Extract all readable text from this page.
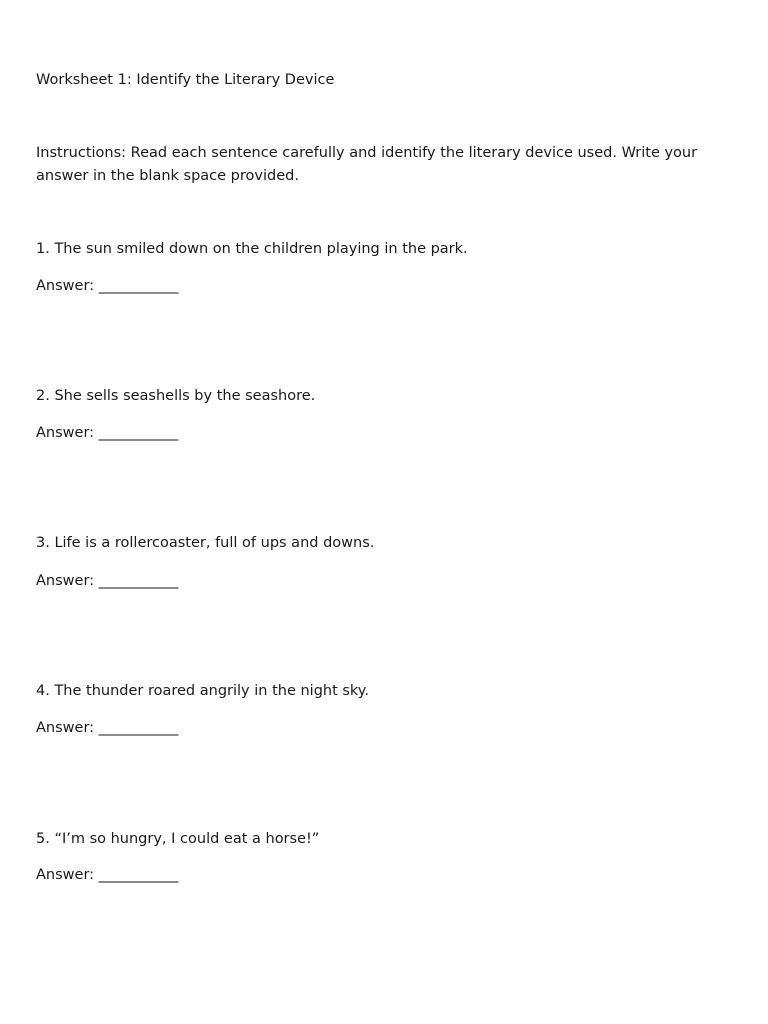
Worksheet 1: Identify the Literary Device
Instructions: Read each sentence carefully and identify the literary device used. Write your answer in the blank space provided.
1. The sun smiled down on the children playing in the park.
Answer: ___________
2. She sells seashells by the seashore.
Answer: ___________
3. Life is a rollercoaster, full of ups and downs.
Answer: ___________
4. The thunder roared angrily in the night sky.
Answer: ___________
5. “I’m so hungry, I could eat a horse!”
Answer: ___________
